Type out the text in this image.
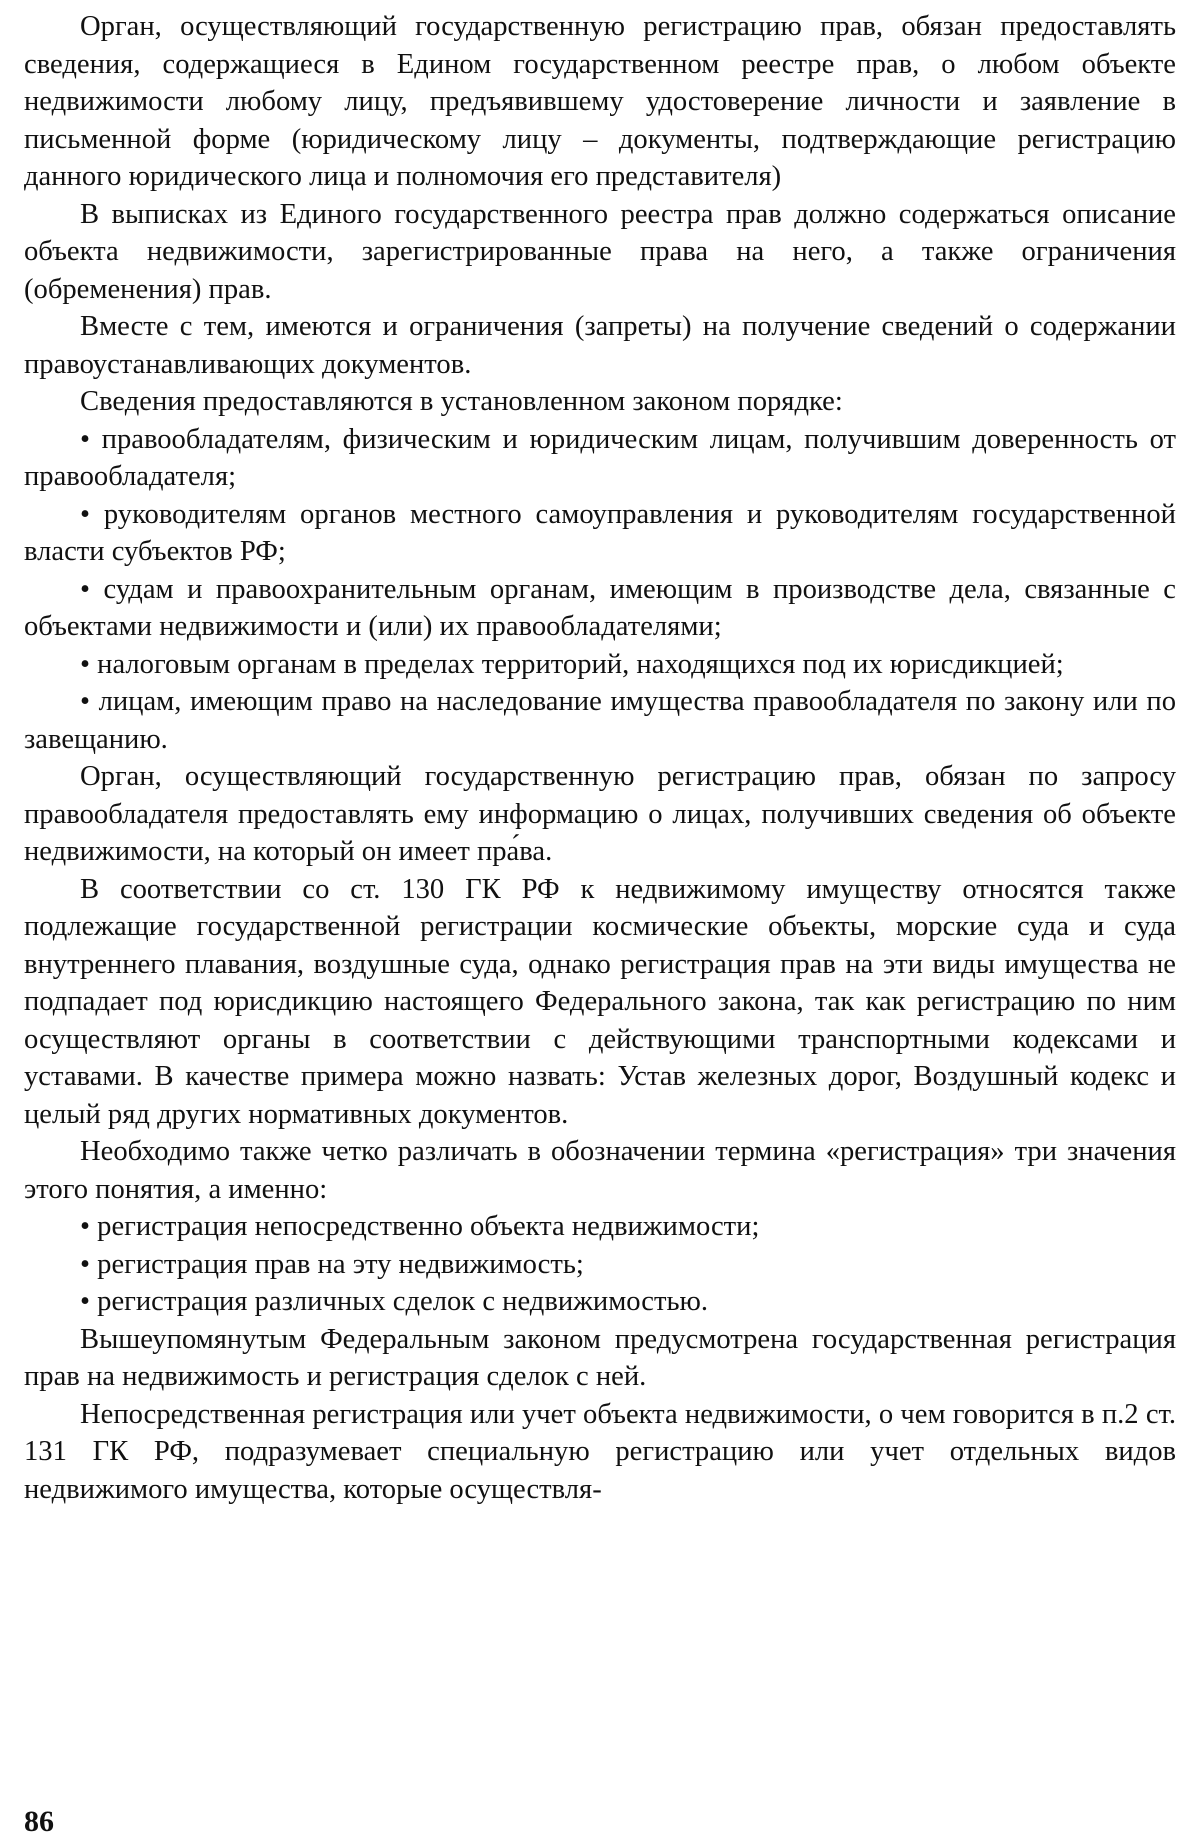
Орган, осуществляющий государственную регистрацию прав, обязан предоставлять сведения, содержащиеся в Едином государственном реестре прав, о любом объекте недвижимости любому лицу, предъявившему удостоверение личности и заявление в письменной форме (юридическому лицу – документы, подтверждающие регистрацию данного юридического лица и полномочия его представителя)

В выписках из Единого государственного реестра прав должно содержаться описание объекта недвижимости, зарегистрированные права на него, а также ограничения (обременения) прав.

Вместе с тем, имеются и ограничения (запреты) на получение сведений о содержании правоустанавливающих документов.

Сведения предоставляются в установленном законом порядке:

• правообладателям, физическим и юридическим лицам, получившим доверенность от правообладателя;

• руководителям органов местного самоуправления и руководителям государственной власти субъектов РФ;

• судам и правоохранительным органам, имеющим в производстве дела, связанные с объектами недвижимости и (или) их правообладателями;

• налоговым органам в пределах территорий, находящихся под их юрисдикцией;

• лицам, имеющим право на наследование имущества правообладателя по закону или по завещанию.

Орган, осуществляющий государственную регистрацию прав, обязан по запросу правообладателя предоставлять ему информацию о лицах, получивших сведения об объекте недвижимости, на который он имеет пра́ва.

В соответствии со ст. 130 ГК РФ к недвижимому имуществу относятся также подлежащие государственной регистрации космические объекты, морские суда и суда внутреннего плавания, воздушные суда, однако регистрация прав на эти виды имущества не подпадает под юрисдикцию настоящего Федерального закона, так как регистрацию по ним осуществляют органы в соответствии с действующими транспортными кодексами и уставами. В качестве примера можно назвать: Устав железных дорог, Воздушный кодекс и целый ряд других нормативных документов.

Необходимо также четко различать в обозначении термина «регистрация» три значения этого понятия, а именно:

• регистрация непосредственно объекта недвижимости;

• регистрация прав на эту недвижимость;

• регистрация различных сделок с недвижимостью.

Вышеупомянутым Федеральным законом предусмотрена государственная регистрация прав на недвижимость и регистрация сделок с ней.

Непосредственная регистрация или учет объекта недвижимости, о чем говорится в п.2 ст. 131 ГК РФ, подразумевает специальную регистрацию или учет отдельных видов недвижимого имущества, которые осуществля-

86
